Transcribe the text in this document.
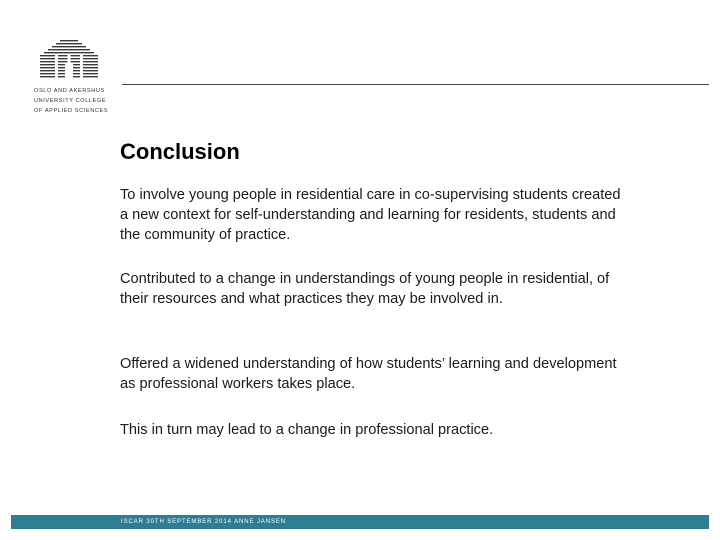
OSLO AND AKERSHUS
UNIVERSITY COLLEGE
OF APPLIED SCIENCES
Conclusion

To involve young people in residential care in co-supervising students created a new context for self-understanding and learning for residents, students and the community of practice.

Contributed to a change in understandings of young people in residential, of their resources and what practices they may be involved in.

Offered a widened understanding of how students’ learning and development as professional workers takes place.

This in turn may lead to a change in professional practice.

ISCAR 30TH SEPTEMBER 2014 ANNE JANSEN
